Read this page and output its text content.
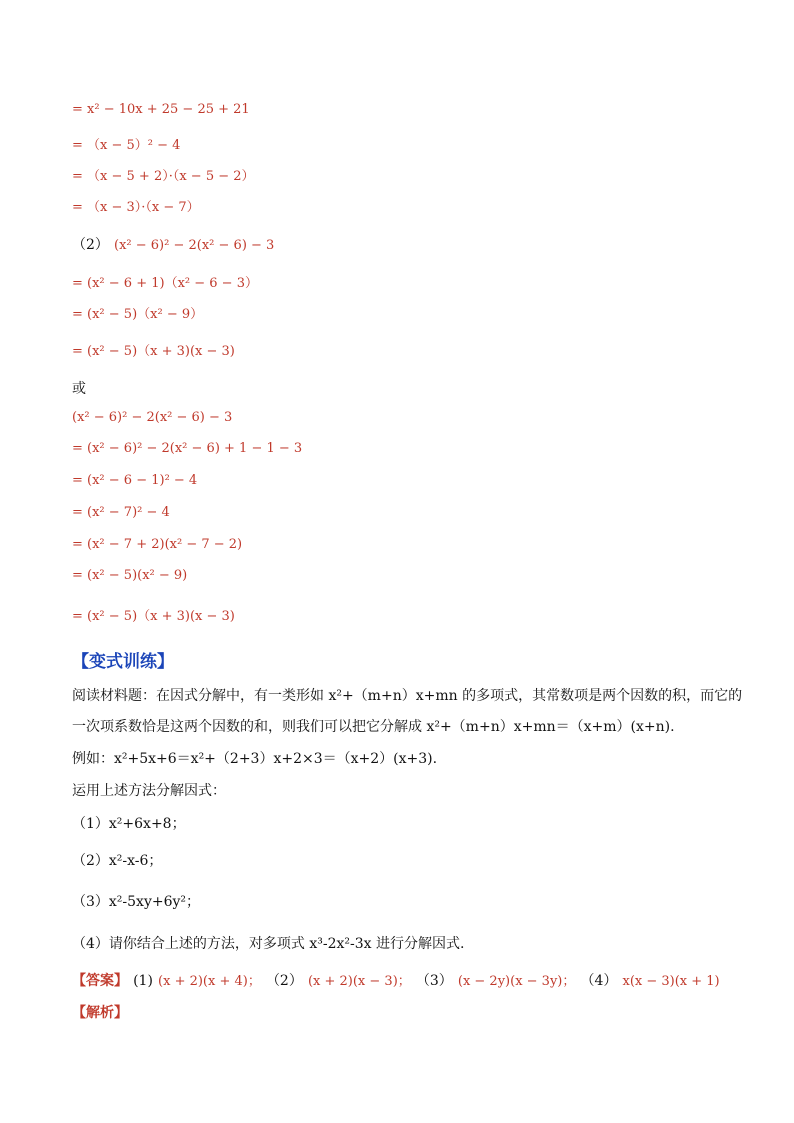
= x² − 10x + 25 − 25 + 21
= （x − 5）² − 4
= （x − 5 + 2）·（x − 5 − 2）
= （x − 3）·（x − 7）
（2） (x² − 6)² − 2(x² − 6) − 3
= (x² − 6 + 1)（x² − 6 − 3）
= (x² − 5)（x² − 9）
= (x² − 5)（x + 3)(x − 3)
或
(x² − 6)² − 2(x² − 6) − 3
= (x² − 6)² − 2(x² − 6) + 1 − 1 − 3
= (x² − 6 − 1)² − 4
= (x² − 7)² − 4
= (x² − 7 + 2)(x² − 7 − 2)
= (x² − 5)(x² − 9)
= (x² − 5)（x + 3)(x − 3)
【变式训练】
阅读材料题：在因式分解中，有一类形如 x²+（m+n）x+mn 的多项式，其常数项是两个因数的积，而它的
一次项系数恰是这两个因数的和，则我们可以把它分解成 x²+（m+n）x+mn＝（x+m）(x+n).
例如：x²+5x+6＝x²+（2+3）x+2×3＝（x+2）(x+3).
运用上述方法分解因式：
（1）x²+6x+8；
（2）x²-x-6；
（3）x²-5xy+6y²；
（4）请你结合上述的方法，对多项式 x³-2x²-3x 进行分解因式.
【答案】 (1) (x + 2)(x + 4)； （2） (x + 2)(x − 3)； （3） (x − 2y)(x − 3y)； （4） x(x − 3)(x + 1)
【解析】
